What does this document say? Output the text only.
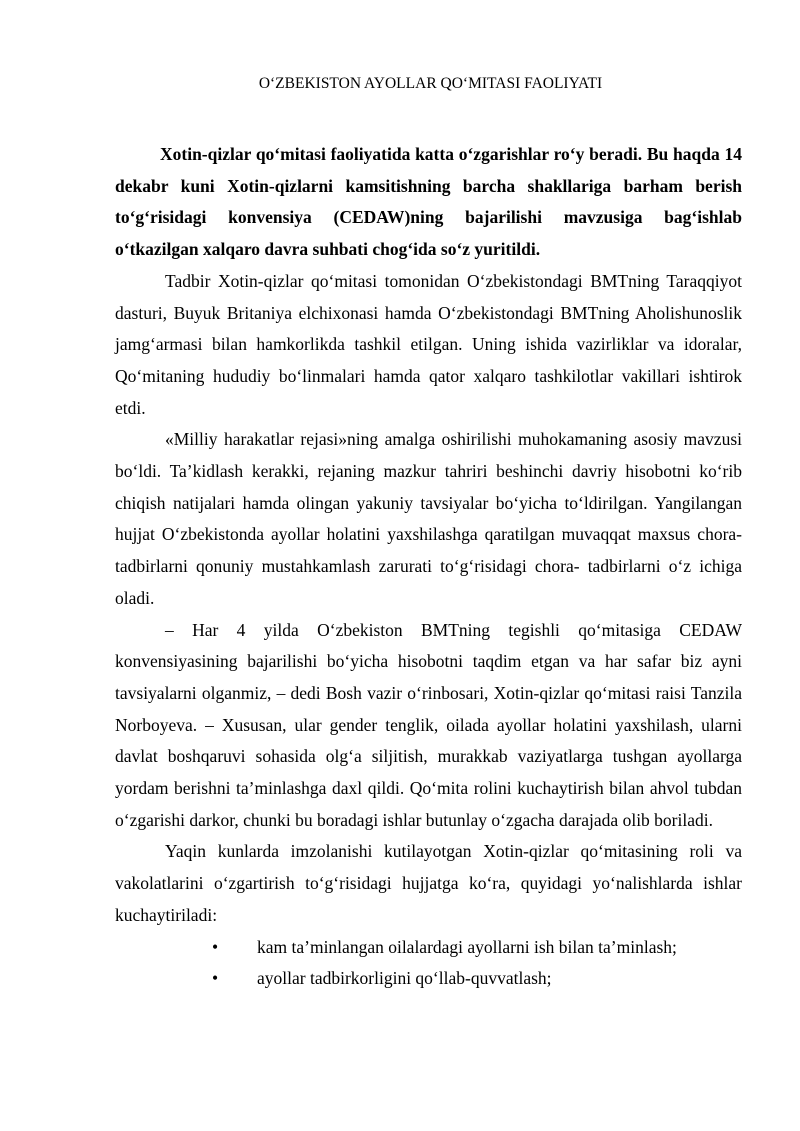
O‘ZBEKISTON AYOLLAR QO‘MITASI FAOLIYATI

Xotin-qizlar qo‘mitasi faoliyatida katta o‘zgarishlar ro‘y beradi. Bu haqda 14 dekabr kuni Xotin-qizlarni kamsitishning barcha shakllariga barham berish to‘g‘risidagi konvensiya (CEDAW)ning bajarilishi mavzusiga bag‘ishlab o‘tkazilgan xalqaro davra suhbati chog‘ida so‘z yuritildi.

Tadbir Xotin-qizlar qo‘mitasi tomonidan O‘zbekistondagi BMTning Taraqqiyot dasturi, Buyuk Britaniya elchixonasi hamda O‘zbekistondagi BMTning Aholishunoslik jamg‘armasi bilan hamkorlikda tashkil etilgan. Uning ishida vazirliklar va idoralar, Qo‘mitaning hududiy bo‘linmalari hamda qator xalqaro tashkilotlar vakillari ishtirok etdi.

«Milliy harakatlar rejasi»ning amalga oshirilishi muhokamaning asosiy mavzusi bo‘ldi. Ta’kidlash kerakki, rejaning mazkur tahriri beshinchi davriy hisobotni ko‘rib chiqish natijalari hamda olingan yakuniy tavsiyalar bo‘yicha to‘ldirilgan. Yangilangan hujjat O‘zbekistonda ayollar holatini yaxshilashga qaratilgan muvaqqat maxsus chora-tadbirlarni qonuniy mustahkamlash zarurati to‘g‘risidagi chora- tadbirlarni o‘z ichiga oladi.

– Har 4 yilda O‘zbekiston BMTning tegishli qo‘mitasiga CEDAW konvensiyasining bajarilishi bo‘yicha hisobotni taqdim etgan va har safar biz ayni tavsiyalarni olganmiz, – dedi Bosh vazir o‘rinbosari, Xotin-qizlar qo‘mitasi raisi Tanzila Norboyeva. – Xususan, ular gender tenglik, oilada ayollar holatini yaxshilash, ularni davlat boshqaruvi sohasida olg‘a siljitish, murakkab vaziyatlarga tushgan ayollarga yordam berishni ta’minlashga daxl qildi. Qo‘mita rolini kuchaytirish bilan ahvol tubdan o‘zgarishi darkor, chunki bu boradagi ishlar butunlay o‘zgacha darajada olib boriladi.

Yaqin kunlarda imzolanishi kutilayotgan Xotin-qizlar qo‘mitasining roli va vakolatlarini o‘zgartirish to‘g‘risidagi hujjatga ko‘ra, quyidagi yo‘nalishlarda ishlar kuchaytiriladi:

• kam ta’minlangan oilalardagi ayollarni ish bilan ta’minlash;
• ayollar tadbirkorligini qo‘llab-quvvatlash;
